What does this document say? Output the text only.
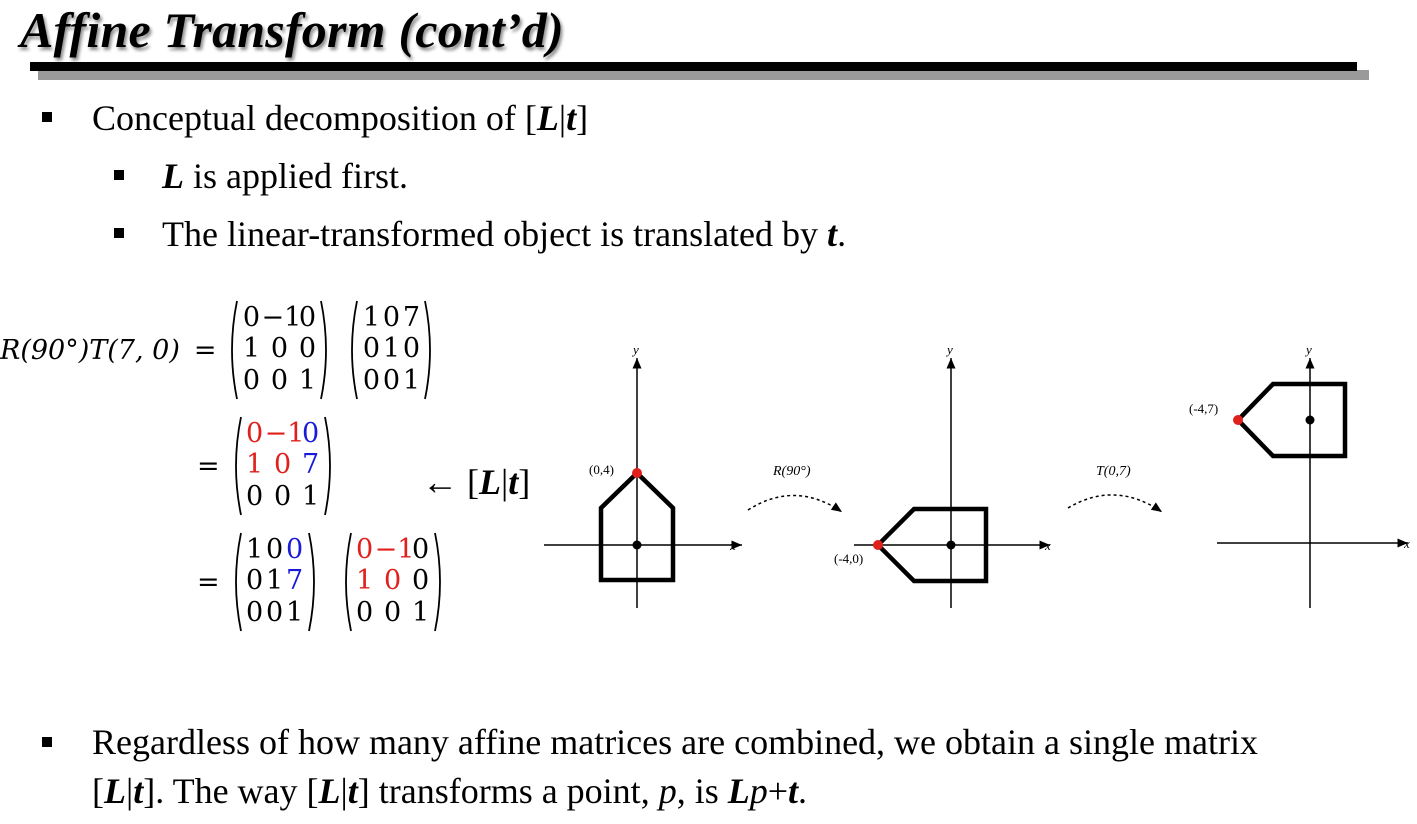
Affine Transform (cont’d)
Conceptual decomposition of [L|t]
L is applied first.
The linear-transformed object is translated by t.
R(90°)T(7, 0) =
0 −1
0
1 0 0
0 0 1
1 0 7
0 1 0
0 0 1
=
0 −1
0
1 0 7
0 0 1	← [L|t]
=
1 0 0
0 1 7
0 0 1
0 −1
0
1 0 0
0 0 1
x
y
(0,4)	R(90°)
x
y
(-4,0)
T(0,7)
x
y
(-4,7)
Regardless of how many affine matrices are combined, we obtain a single matrix
[L|t]. The way [L|t] transforms a point, p, is Lp+t.
